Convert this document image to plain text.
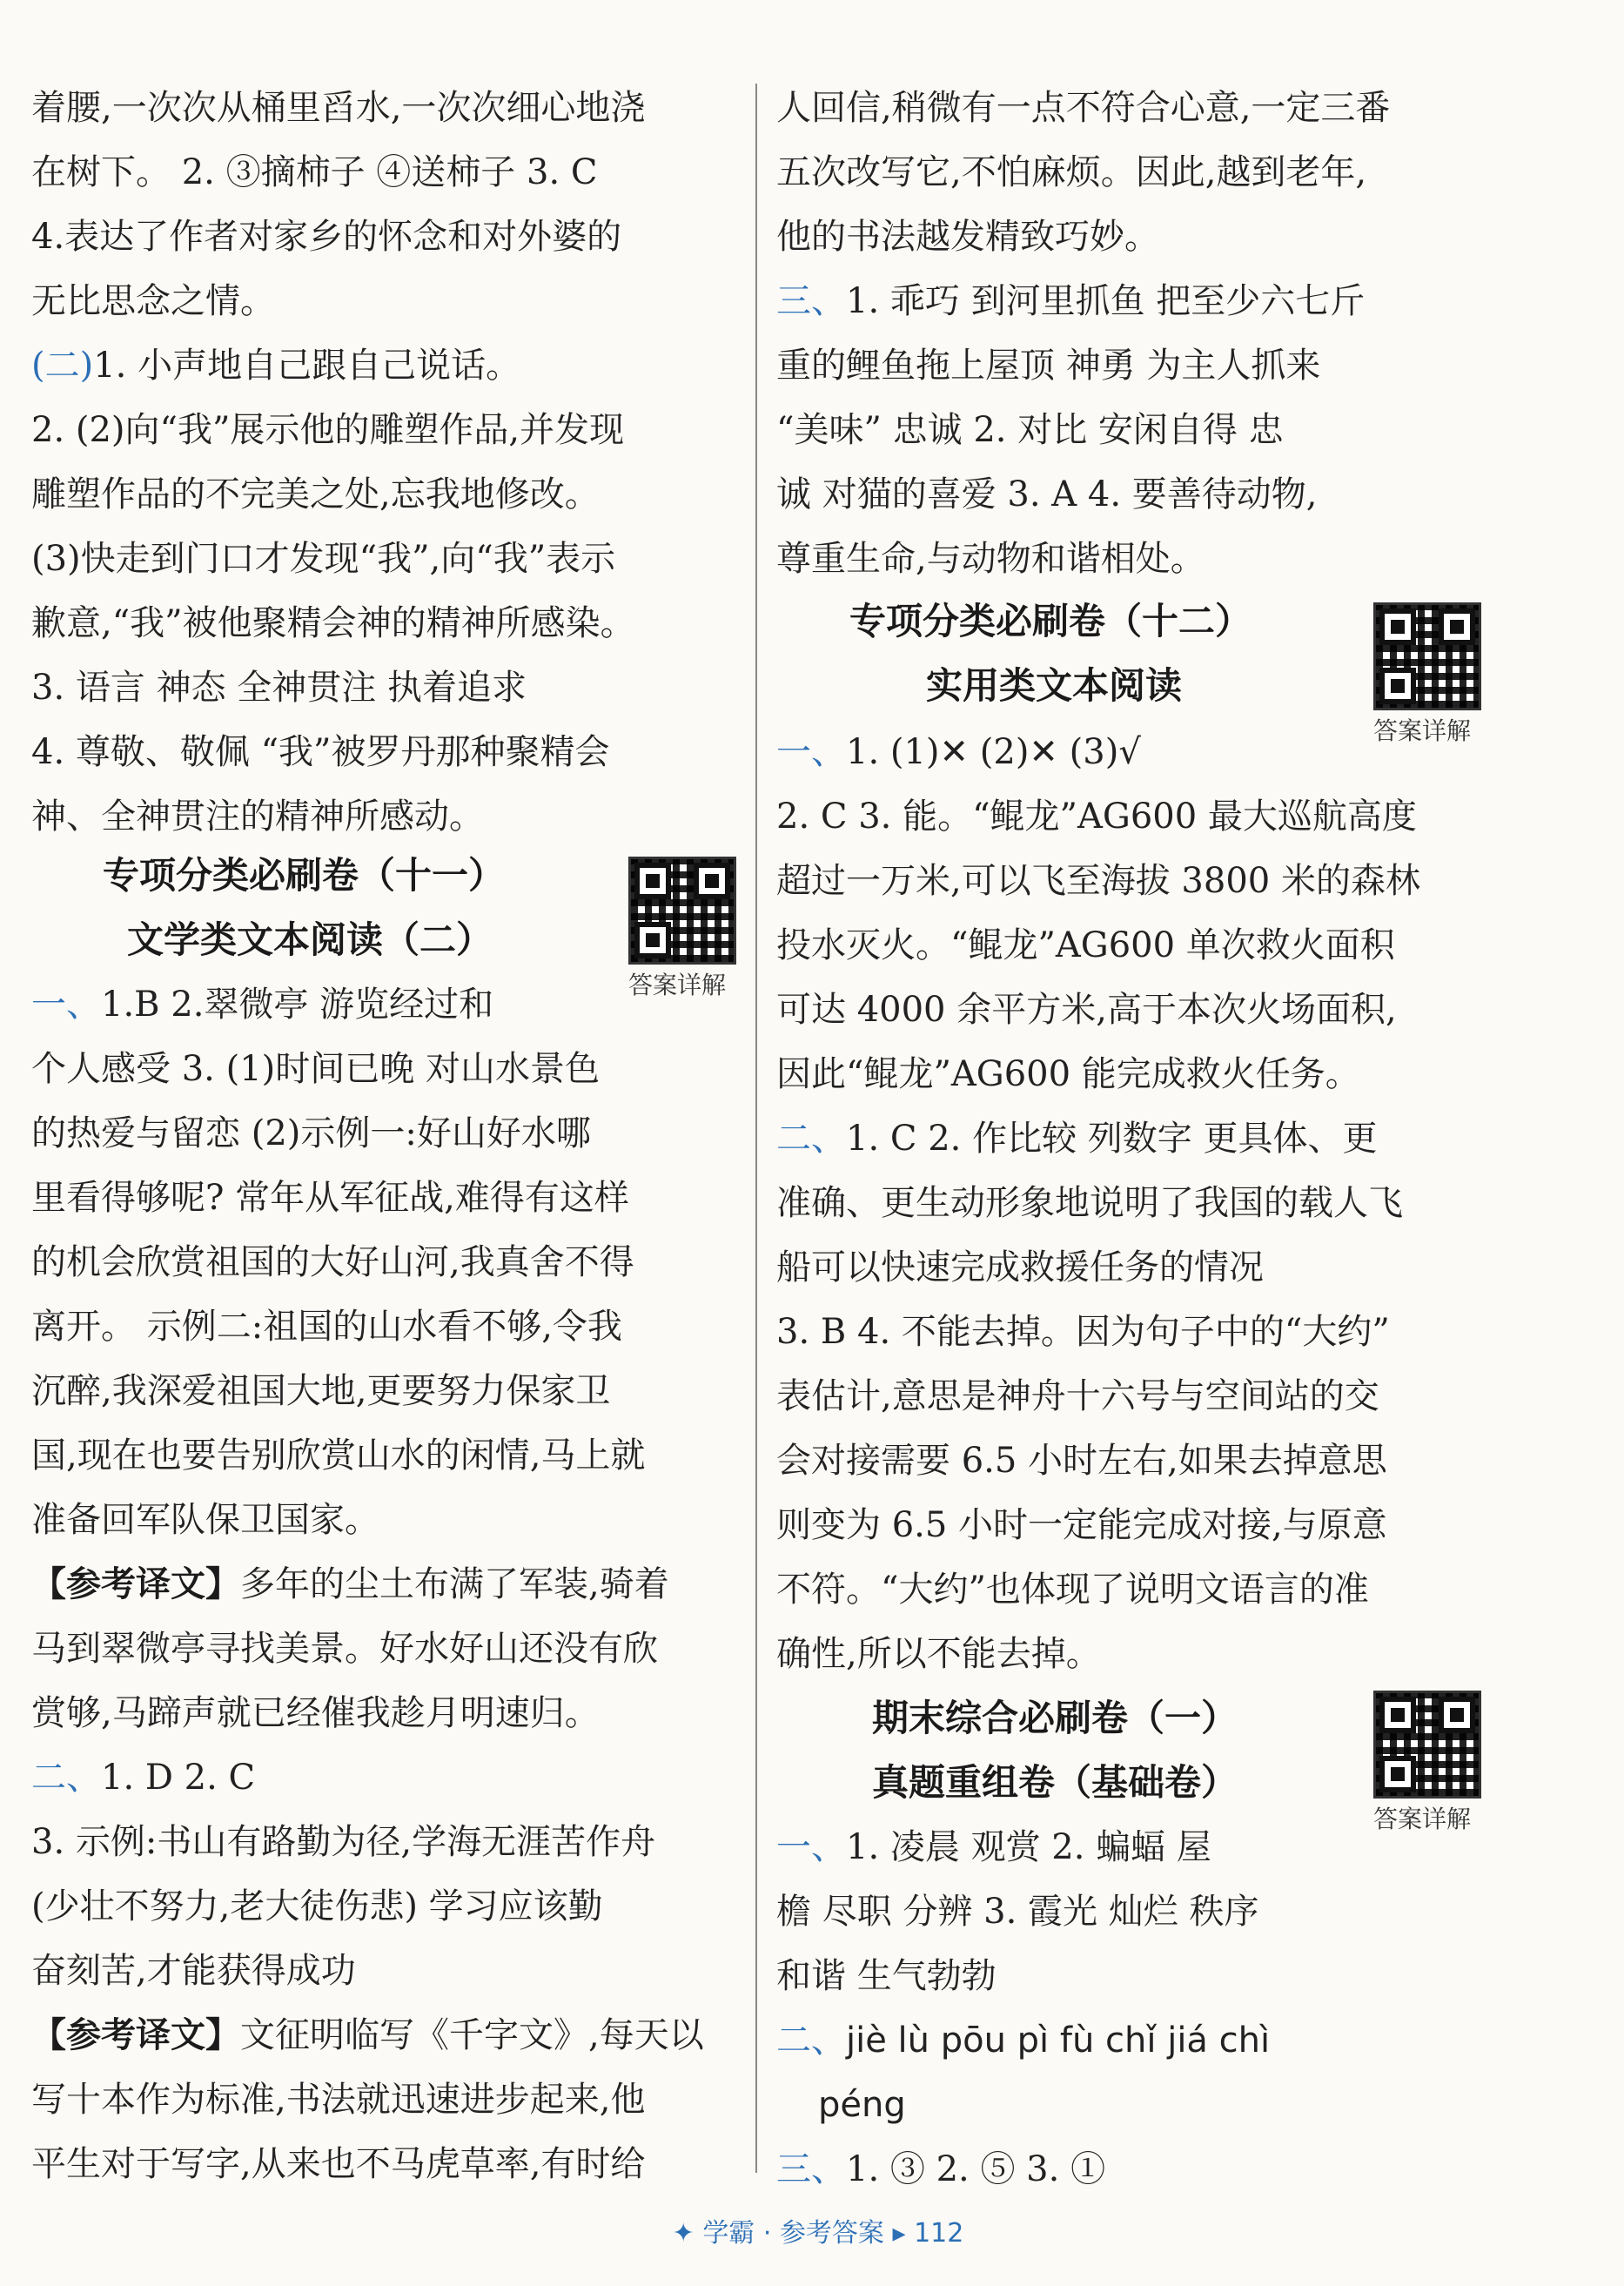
着腰,一次次从桶里舀水,一次次细心地浇
在树下。 2. ③摘柿子 ④送柿子 3. C
4.表达了作者对家乡的怀念和对外婆的
无比思念之情。
(二)1. 小声地自己跟自己说话。
2. (2)向“我”展示他的雕塑作品,并发现
雕塑作品的不完美之处,忘我地修改。
(3)快走到门口才发现“我”,向“我”表示
歉意,“我”被他聚精会神的精神所感染。
3. 语言 神态 全神贯注 执着追求
4. 尊敬、敬佩 “我”被罗丹那种聚精会
神、全神贯注的精神所感动。
专项分类必刷卷（十一）
文学类文本阅读（二）
答案详解
一、1.B 2.翠微亭 游览经过和
个人感受 3. (1)时间已晚 对山水景色
的热爱与留恋 (2)示例一:好山好水哪
里看得够呢? 常年从军征战,难得有这样
的机会欣赏祖国的大好山河,我真舍不得
离开。 示例二:祖国的山水看不够,令我
沉醉,我深爱祖国大地,更要努力保家卫
国,现在也要告别欣赏山水的闲情,马上就
准备回军队保卫国家。
【参考译文】多年的尘土布满了军装,骑着
马到翠微亭寻找美景。好水好山还没有欣
赏够,马蹄声就已经催我趁月明速归。
二、1. D 2. C
3. 示例:书山有路勤为径,学海无涯苦作舟
(少壮不努力,老大徒伤悲) 学习应该勤
奋刻苦,才能获得成功
【参考译文】文征明临写《千字文》,每天以
写十本作为标准,书法就迅速进步起来,他
平生对于写字,从来也不马虎草率,有时给
人回信,稍微有一点不符合心意,一定三番
五次改写它,不怕麻烦。因此,越到老年,
他的书法越发精致巧妙。
三、1. 乖巧 到河里抓鱼 把至少六七斤
重的鲤鱼拖上屋顶 神勇 为主人抓来
“美味” 忠诚 2. 对比 安闲自得 忠
诚 对猫的喜爱 3. A 4. 要善待动物,
尊重生命,与动物和谐相处。
专项分类必刷卷（十二）
实用类文本阅读
答案详解
一、1. (1)✕ (2)✕ (3)√
2. C 3. 能。“鲲龙”AG600 最大巡航高度
超过一万米,可以飞至海拔 3800 米的森林
投水灭火。“鲲龙”AG600 单次救火面积
可达 4000 余平方米,高于本次火场面积,
因此“鲲龙”AG600 能完成救火任务。
二、1. C 2. 作比较 列数字 更具体、更
准确、更生动形象地说明了我国的载人飞
船可以快速完成救援任务的情况
3. B 4. 不能去掉。因为句子中的“大约”
表估计,意思是神舟十六号与空间站的交
会对接需要 6.5 小时左右,如果去掉意思
则变为 6.5 小时一定能完成对接,与原意
不符。“大约”也体现了说明文语言的准
确性,所以不能去掉。
期末综合必刷卷（一）
真题重组卷（基础卷）
答案详解
一、1. 凌晨 观赏 2. 蝙蝠 屋
檐 尽职 分辨 3. 霞光 灿烂 秩序
和谐 生气勃勃
二、jiè lù pōu pì fù chǐ jiá chì
péng
三、1. ③ 2. ⑤ 3. ①
✦ 学霸 · 参考答案 ▸ 112
